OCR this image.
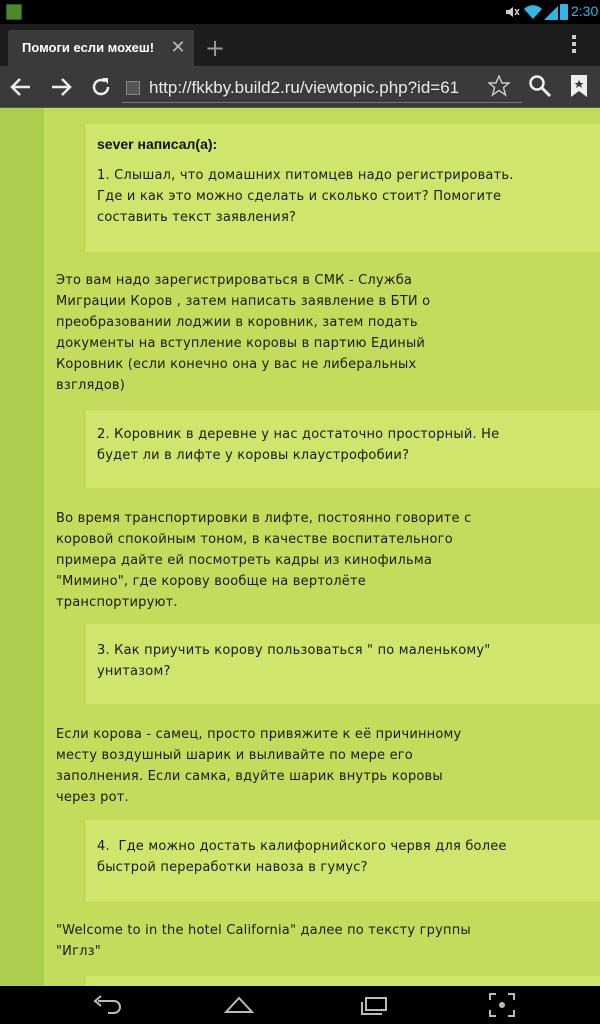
2:30
Помоги если мохеш! ✕ +
http://fkkby.build2.ru/viewtopic.php?id=61
sever написал(а):
1. Слышал, что домашних питомцев надо регистрировать.
Где и как это можно сделать и сколько стоит? Помогите
составить текст заявления?
Это вам надо зарегистрироваться в СМК - Служба
Миграции Коров , затем написать заявление в БТИ о
преобразовании лоджии в коровник, затем подать
документы на вступление коровы в партию Единый
Коровник (если конечно она у вас не либеральных
взглядов)
2. Коровник в деревне у нас достаточно просторный. Не
будет ли в лифте у коровы клаустрофобии?
Во время транспортировки в лифте, постоянно говорите с
коровой спокойным тоном, в качестве воспитательного
примера дайте ей посмотреть кадры из кинофильма
"Мимино", где корову вообще на вертолёте
транспортируют.
3. Как приучить корову пользоваться " по маленькому"
унитазом?
Если корова - самец, просто привяжите к её причинному
месту воздушный шарик и выливайте по мере его
заполнения. Если самка, вдуйте шарик внутрь коровы
через рот.
4.  Где можно достать калифорнийского червя для более
быстрой переработки навоза в гумус?
"Welcome to in the hotel California" далее по тексту группы
"Иглз"
